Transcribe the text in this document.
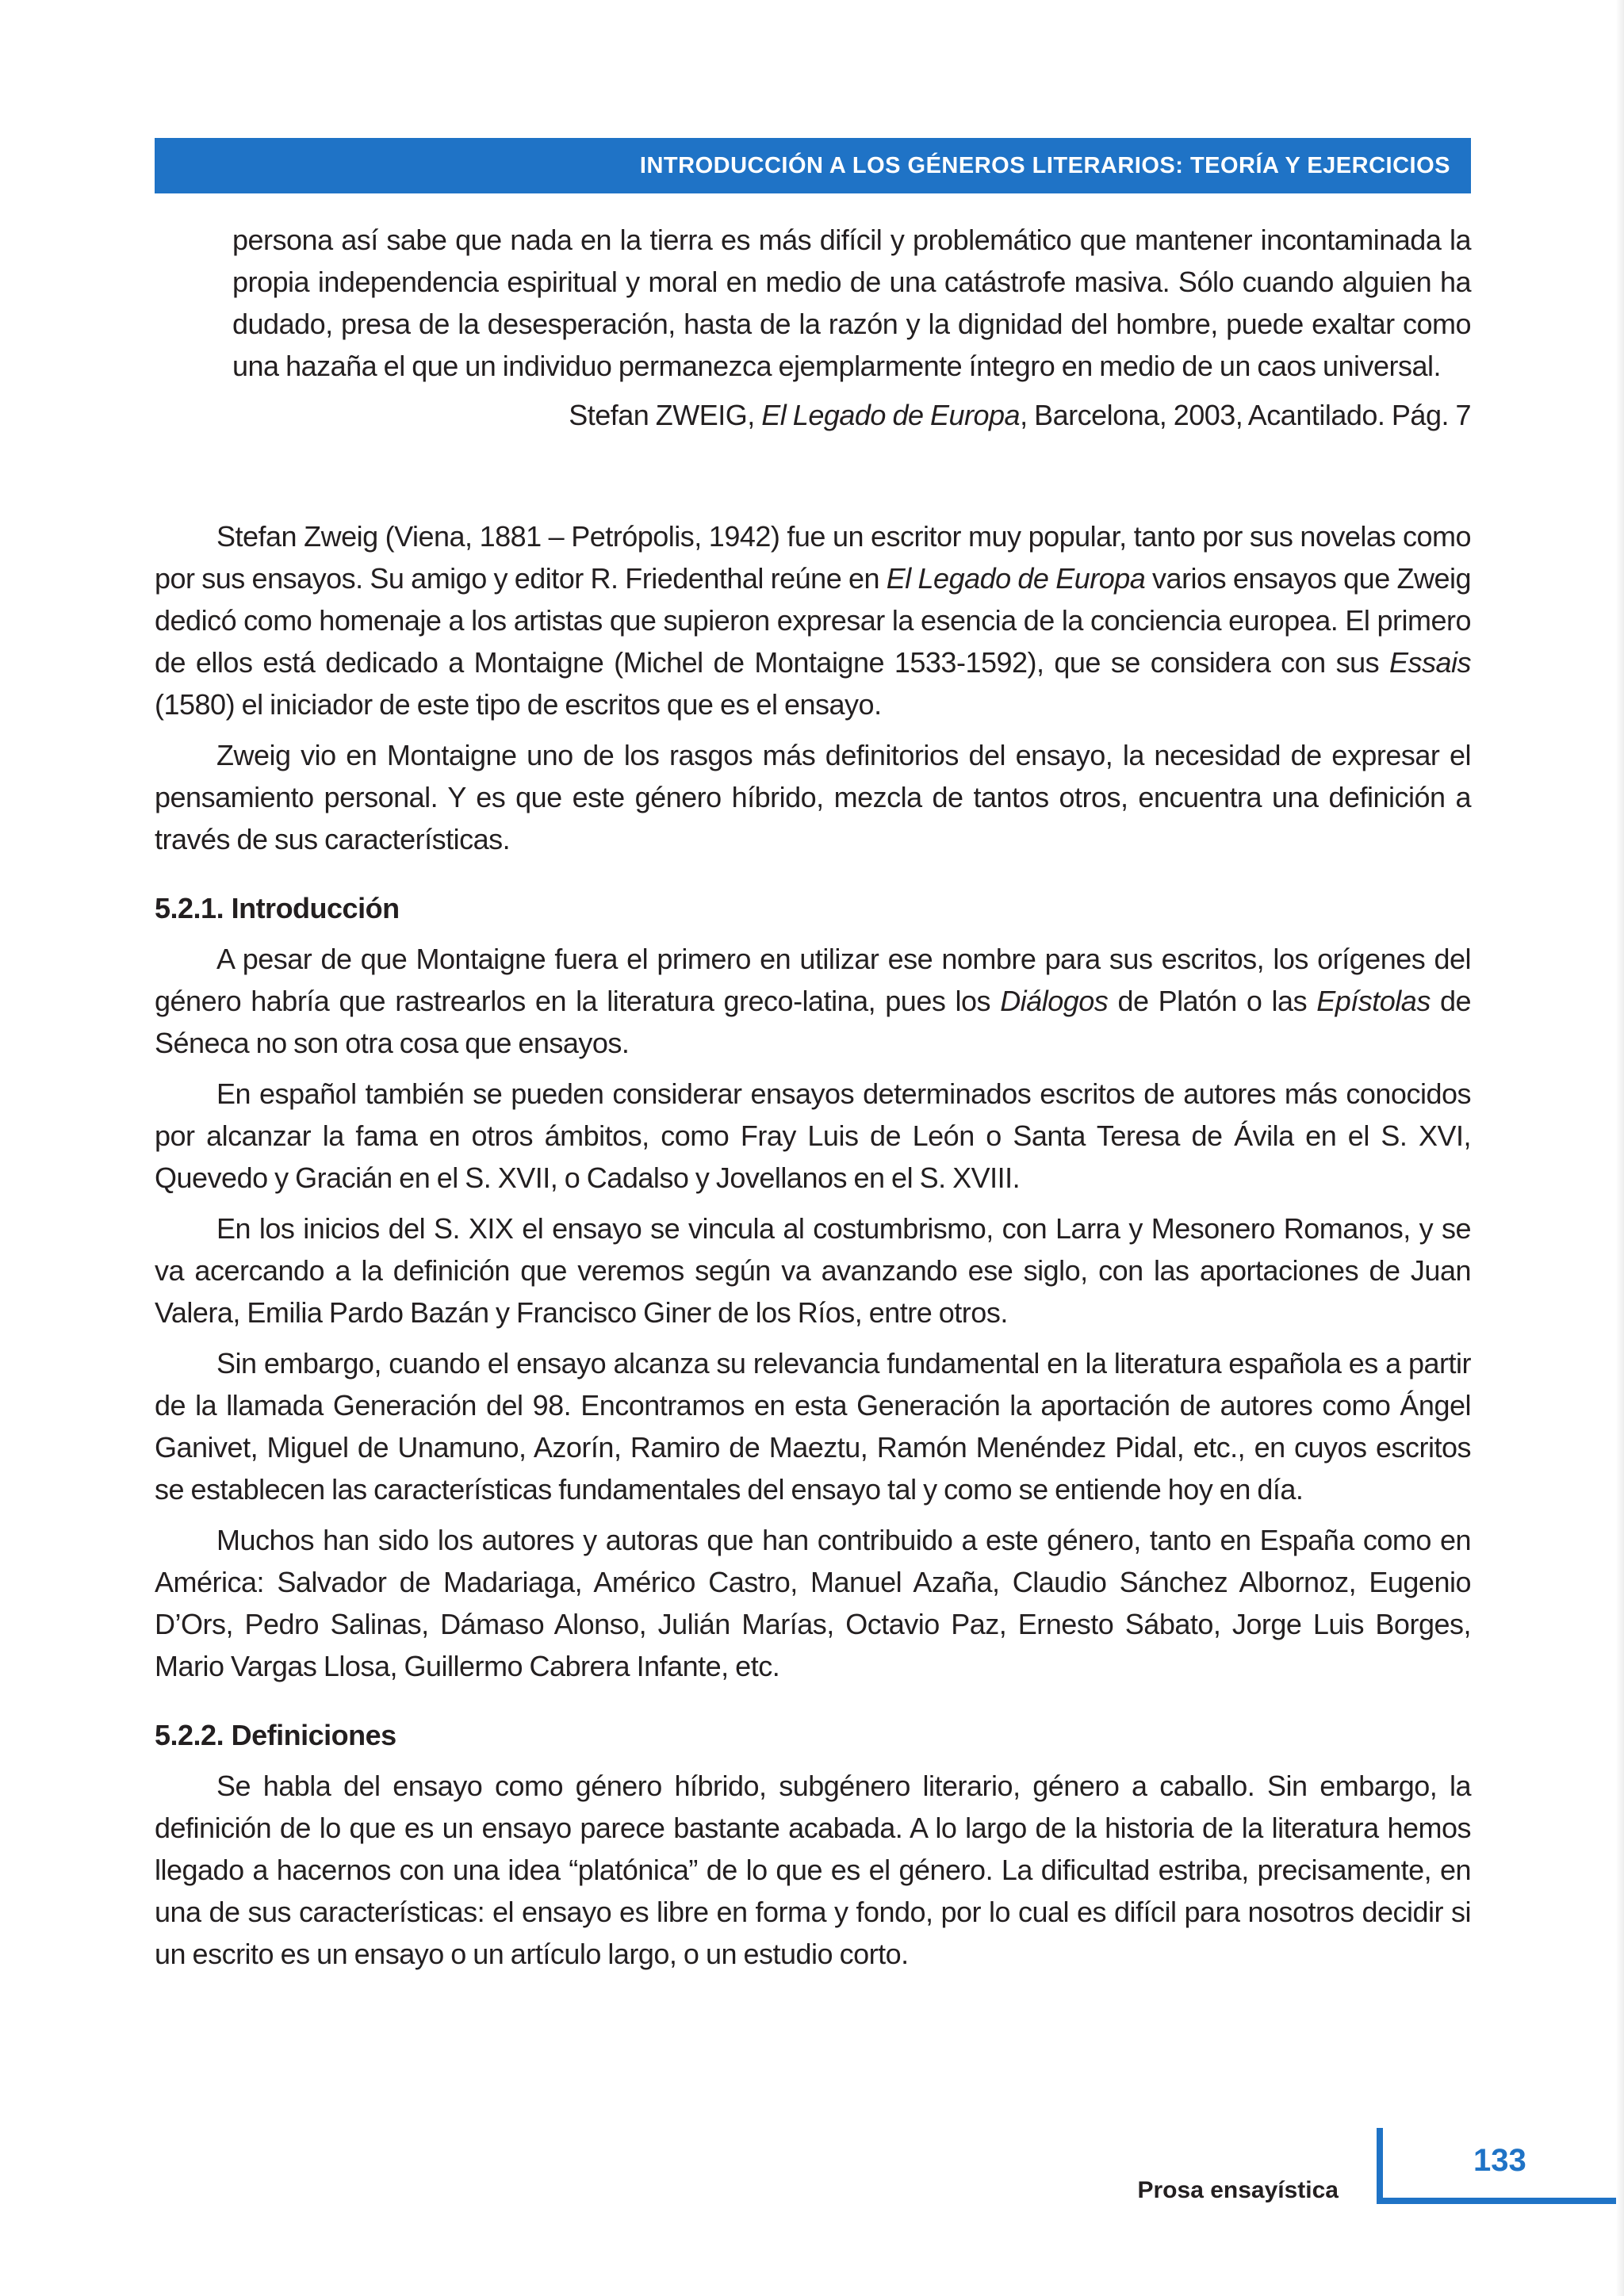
INTRODUCCIÓN A LOS GÉNEROS LITERARIOS: TEORÍA Y EJERCICIOS

persona así sabe que nada en la tierra es más difícil y problemático que mantener incontaminada la propia independencia espiritual y moral en medio de una catástrofe masiva. Sólo cuando alguien ha dudado, presa de la desesperación, hasta de la razón y la dignidad del hombre, puede exaltar como una hazaña el que un individuo permanezca ejemplarmente íntegro en medio de un caos universal.

Stefan ZWEIG, El Legado de Europa, Barcelona, 2003, Acantilado. Pág. 7

Stefan Zweig (Viena, 1881 – Petrópolis, 1942) fue un escritor muy popular, tanto por sus novelas como por sus ensayos. Su amigo y editor R. Friedenthal reúne en El Legado de Europa varios ensayos que Zweig dedicó como homenaje a los artistas que supieron expresar la esencia de la conciencia europea. El primero de ellos está dedicado a Montaigne (Michel de Montaigne 1533-1592), que se considera con sus Essais (1580) el iniciador de este tipo de escritos que es el ensayo.

Zweig vio en Montaigne uno de los rasgos más definitorios del ensayo, la necesidad de expresar el pensamiento personal. Y es que este género híbrido, mezcla de tantos otros, encuentra una definición a través de sus características.

5.2.1. Introducción

A pesar de que Montaigne fuera el primero en utilizar ese nombre para sus escritos, los orígenes del género habría que rastrearlos en la literatura greco-latina, pues los Diálogos de Platón o las Epístolas de Séneca no son otra cosa que ensayos.

En español también se pueden considerar ensayos determinados escritos de autores más conocidos por alcanzar la fama en otros ámbitos, como Fray Luis de León o Santa Teresa de Ávila en el S. XVI, Quevedo y Gracián en el S. XVII, o Cadalso y Jovellanos en el S. XVIII.

En los inicios del S. XIX el ensayo se vincula al costumbrismo, con Larra y Mesonero Romanos, y se va acercando a la definición que veremos según va avanzando ese siglo, con las aportaciones de Juan Valera, Emilia Pardo Bazán y Francisco Giner de los Ríos, entre otros.

Sin embargo, cuando el ensayo alcanza su relevancia fundamental en la literatura española es a partir de la llamada Generación del 98. Encontramos en esta Generación la aportación de autores como Ángel Ganivet, Miguel de Unamuno, Azorín, Ramiro de Maeztu, Ramón Menéndez Pidal, etc., en cuyos escritos se establecen las características fundamentales del ensayo tal y como se entiende hoy en día.

Muchos han sido los autores y autoras que han contribuido a este género, tanto en España como en América: Salvador de Madariaga, Américo Castro, Manuel Azaña, Claudio Sánchez Albornoz, Eugenio D’Ors, Pedro Salinas, Dámaso Alonso, Julián Marías, Octavio Paz, Ernesto Sábato, Jorge Luis Borges, Mario Vargas Llosa, Guillermo Cabrera Infante, etc.

5.2.2. Definiciones

Se habla del ensayo como género híbrido, subgénero literario, género a caballo. Sin embargo, la definición de lo que es un ensayo parece bastante acabada. A lo largo de la historia de la literatura hemos llegado a hacernos con una idea “platónica” de lo que es el género. La dificultad estriba, precisamente, en una de sus características: el ensayo es libre en forma y fondo, por lo cual es difícil para nosotros decidir si un escrito es un ensayo o un artículo largo, o un estudio corto.

133
Prosa ensayística
